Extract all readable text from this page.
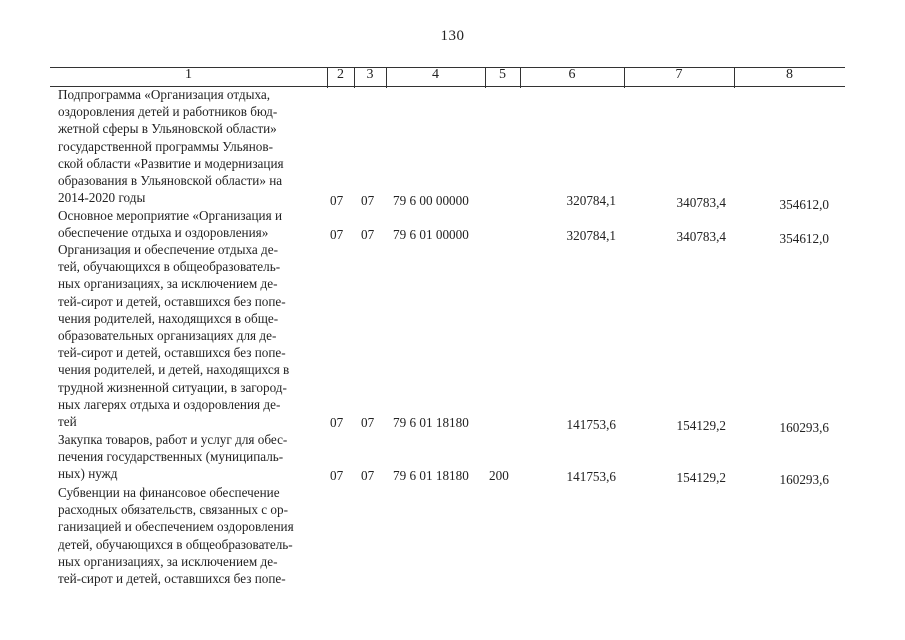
130
1	2	3	4	5	6	7	8
Подпрограмма «Организация отдыха,
оздоровления детей и работников бюд-
жетной сферы в Ульяновской области»
государственной программы Ульянов-
ской области «Развитие и модернизация
образования в Ульяновской области» на
2014-2020 годы	07 07 79 6 00 00000	320784,1	340783,4	354612,0
Основное мероприятие «Организация и
обеспечение отдыха и оздоровления»	07 07 79 6 01 00000	320784,1	340783,4	354612,0
Организация и обеспечение отдыха де-
тей, обучающихся в общеобразователь-
ных организациях, за исключением де-
тей-сирот и детей, оставшихся без попе-
чения родителей, находящихся в обще-
образовательных организациях для де-
тей-сирот и детей, оставшихся без попе-
чения родителей, и детей, находящихся в
трудной жизненной ситуации, в загород-
ных лагерях отдыха и оздоровления де-
тей	07 07 79 6 01 18180	141753,6	154129,2	160293,6
Закупка товаров, работ и услуг для обес-
печения государственных (муниципаль-
ных) нужд	07 07 79 6 01 18180 200	141753,6	154129,2	160293,6
Субвенции на финансовое обеспечение
расходных обязательств, связанных с ор-
ганизацией и обеспечением оздоровления
детей, обучающихся в общеобразователь-
ных организациях, за исключением де-
тей-сирот и детей, оставшихся без попе-
